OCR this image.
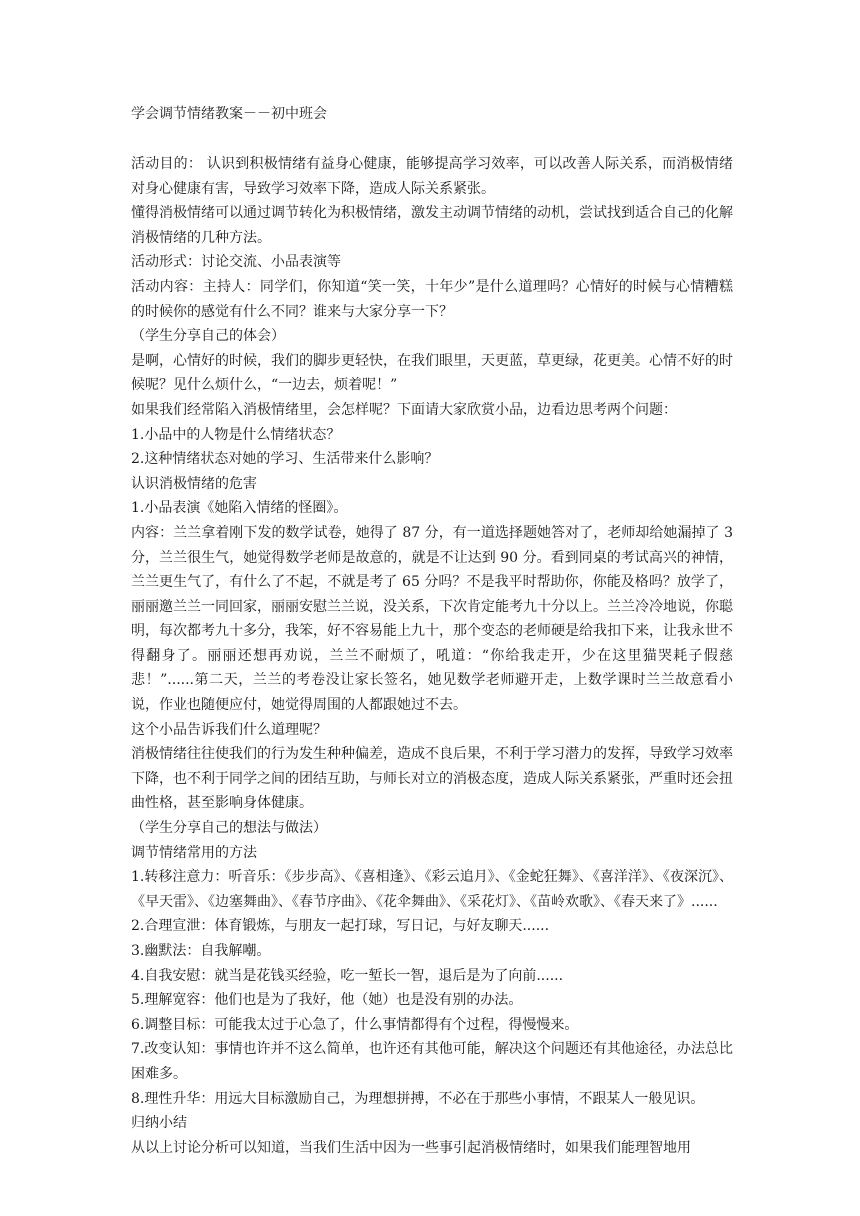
学会调节情绪教案－－初中班会

活动目的： 认识到积极情绪有益身心健康，能够提高学习效率，可以改善人际关系，而消极情绪对身心健康有害，导致学习效率下降，造成人际关系紧张。

懂得消极情绪可以通过调节转化为积极情绪，激发主动调节情绪的动机，尝试找到适合自己的化解消极情绪的几种方法。

活动形式：讨论交流、小品表演等

活动内容：主持人：同学们，你知道“笑一笑，十年少”是什么道理吗？心情好的时候与心情糟糕的时候你的感觉有什么不同？谁来与大家分享一下？

（学生分享自己的体会）

是啊，心情好的时候，我们的脚步更轻快，在我们眼里，天更蓝，草更绿，花更美。心情不好的时候呢？见什么烦什么，“一边去，烦着呢！”

如果我们经常陷入消极情绪里，会怎样呢？下面请大家欣赏小品，边看边思考两个问题：

1.小品中的人物是什么情绪状态？

2.这种情绪状态对她的学习、生活带来什么影响？

认识消极情绪的危害

1.小品表演《她陷入情绪的怪圈》。

内容：兰兰拿着刚下发的数学试卷，她得了 87 分，有一道选择题她答对了，老师却给她漏掉了 3 分，兰兰很生气，她觉得数学老师是故意的，就是不让达到 90 分。看到同桌的考试高兴的神情，兰兰更生气了，有什么了不起，不就是考了 65 分吗？不是我平时帮助你，你能及格吗？放学了，丽丽邀兰兰一同回家，丽丽安慰兰兰说，没关系，下次肯定能考九十分以上。兰兰冷冷地说，你聪明，每次都考九十多分，我笨，好不容易能上九十，那个变态的老师硬是给我扣下来，让我永世不得翻身了。丽丽还想再劝说，兰兰不耐烦了，吼道：“你给我走开，少在这里猫哭耗子假慈悲！”......第二天，兰兰的考卷没让家长签名，她见数学老师避开走，上数学课时兰兰故意看小说，作业也随便应付，她觉得周围的人都跟她过不去。

这个小品告诉我们什么道理呢？

消极情绪往往使我们的行为发生种种偏差，造成不良后果，不利于学习潜力的发挥，导致学习效率下降，也不利于同学之间的团结互助，与师长对立的消极态度，造成人际关系紧张，严重时还会扭曲性格，甚至影响身体健康。

（学生分享自己的想法与做法）

调节情绪常用的方法

1.转移注意力：听音乐：《步步高》、《喜相逢》、《彩云追月》、《金蛇狂舞》、《喜洋洋》、《夜深沉》、《早天雷》、《边塞舞曲》、《春节序曲》、《花伞舞曲》、《采花灯》、《苗岭欢歌》、《春天来了》......

2.合理宣泄：体育锻炼，与朋友一起打球，写日记，与好友聊天......

3.幽默法：自我解嘲。

4.自我安慰：就当是花钱买经验，吃一堑长一智，退后是为了向前......

5.理解宽容：他们也是为了我好，他（她）也是没有别的办法。

6.调整目标：可能我太过于心急了，什么事情都得有个过程，得慢慢来。

7.改变认知：事情也许并不这么简单，也许还有其他可能，解决这个问题还有其他途径，办法总比困难多。

8.理性升华：用远大目标激励自己，为理想拼搏，不必在于那些小事情，不跟某人一般见识。

归纳小结

从以上讨论分析可以知道，当我们生活中因为一些事引起消极情绪时，如果我们能理智地用
